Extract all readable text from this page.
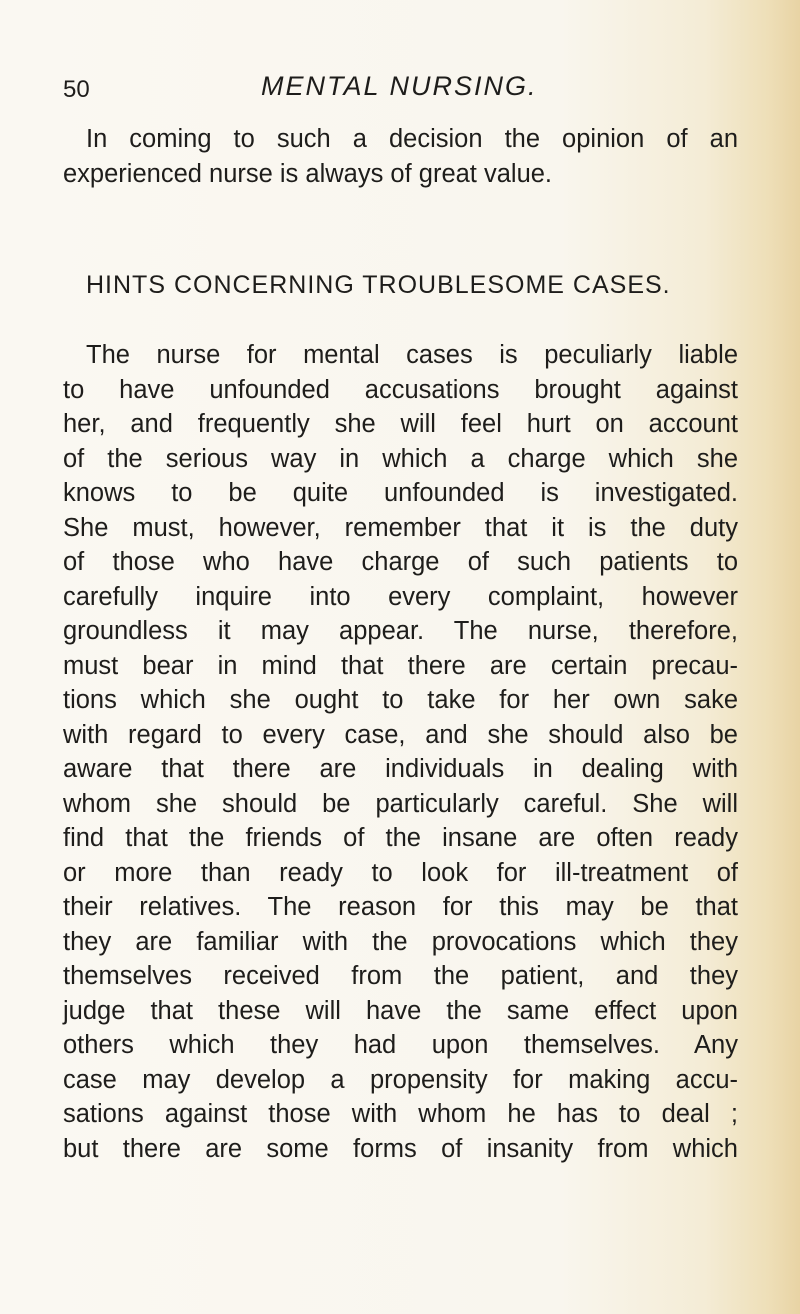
50	MENTAL NURSING.
In coming to such a decision the opinion of an
experienced nurse is always of great value.
HINTS CONCERNING TROUBLESOME CASES.
The nurse for mental cases is peculiarly liable
to have unfounded accusations brought against
her, and frequently she will feel hurt on account
of the serious way in which a charge which she
knows to be quite unfounded is investigated.
She must, however, remember that it is the duty
of those who have charge of such patients to
carefully inquire into every complaint, however
groundless it may appear. The nurse, therefore,
must bear in mind that there are certain precau-
tions which she ought to take for her own sake
with regard to every case, and she should also be
aware that there are individuals in dealing with
whom she should be particularly careful. She will
find that the friends of the insane are often ready
or more than ready to look for ill-treatment of
their relatives. The reason for this may be that
they are familiar with the provocations which they
themselves received from the patient, and they
judge that these will have the same effect upon
others which they had upon themselves. Any
case may develop a propensity for making accu-
sations against those with whom he has to deal ;
but there are some forms of insanity from which
